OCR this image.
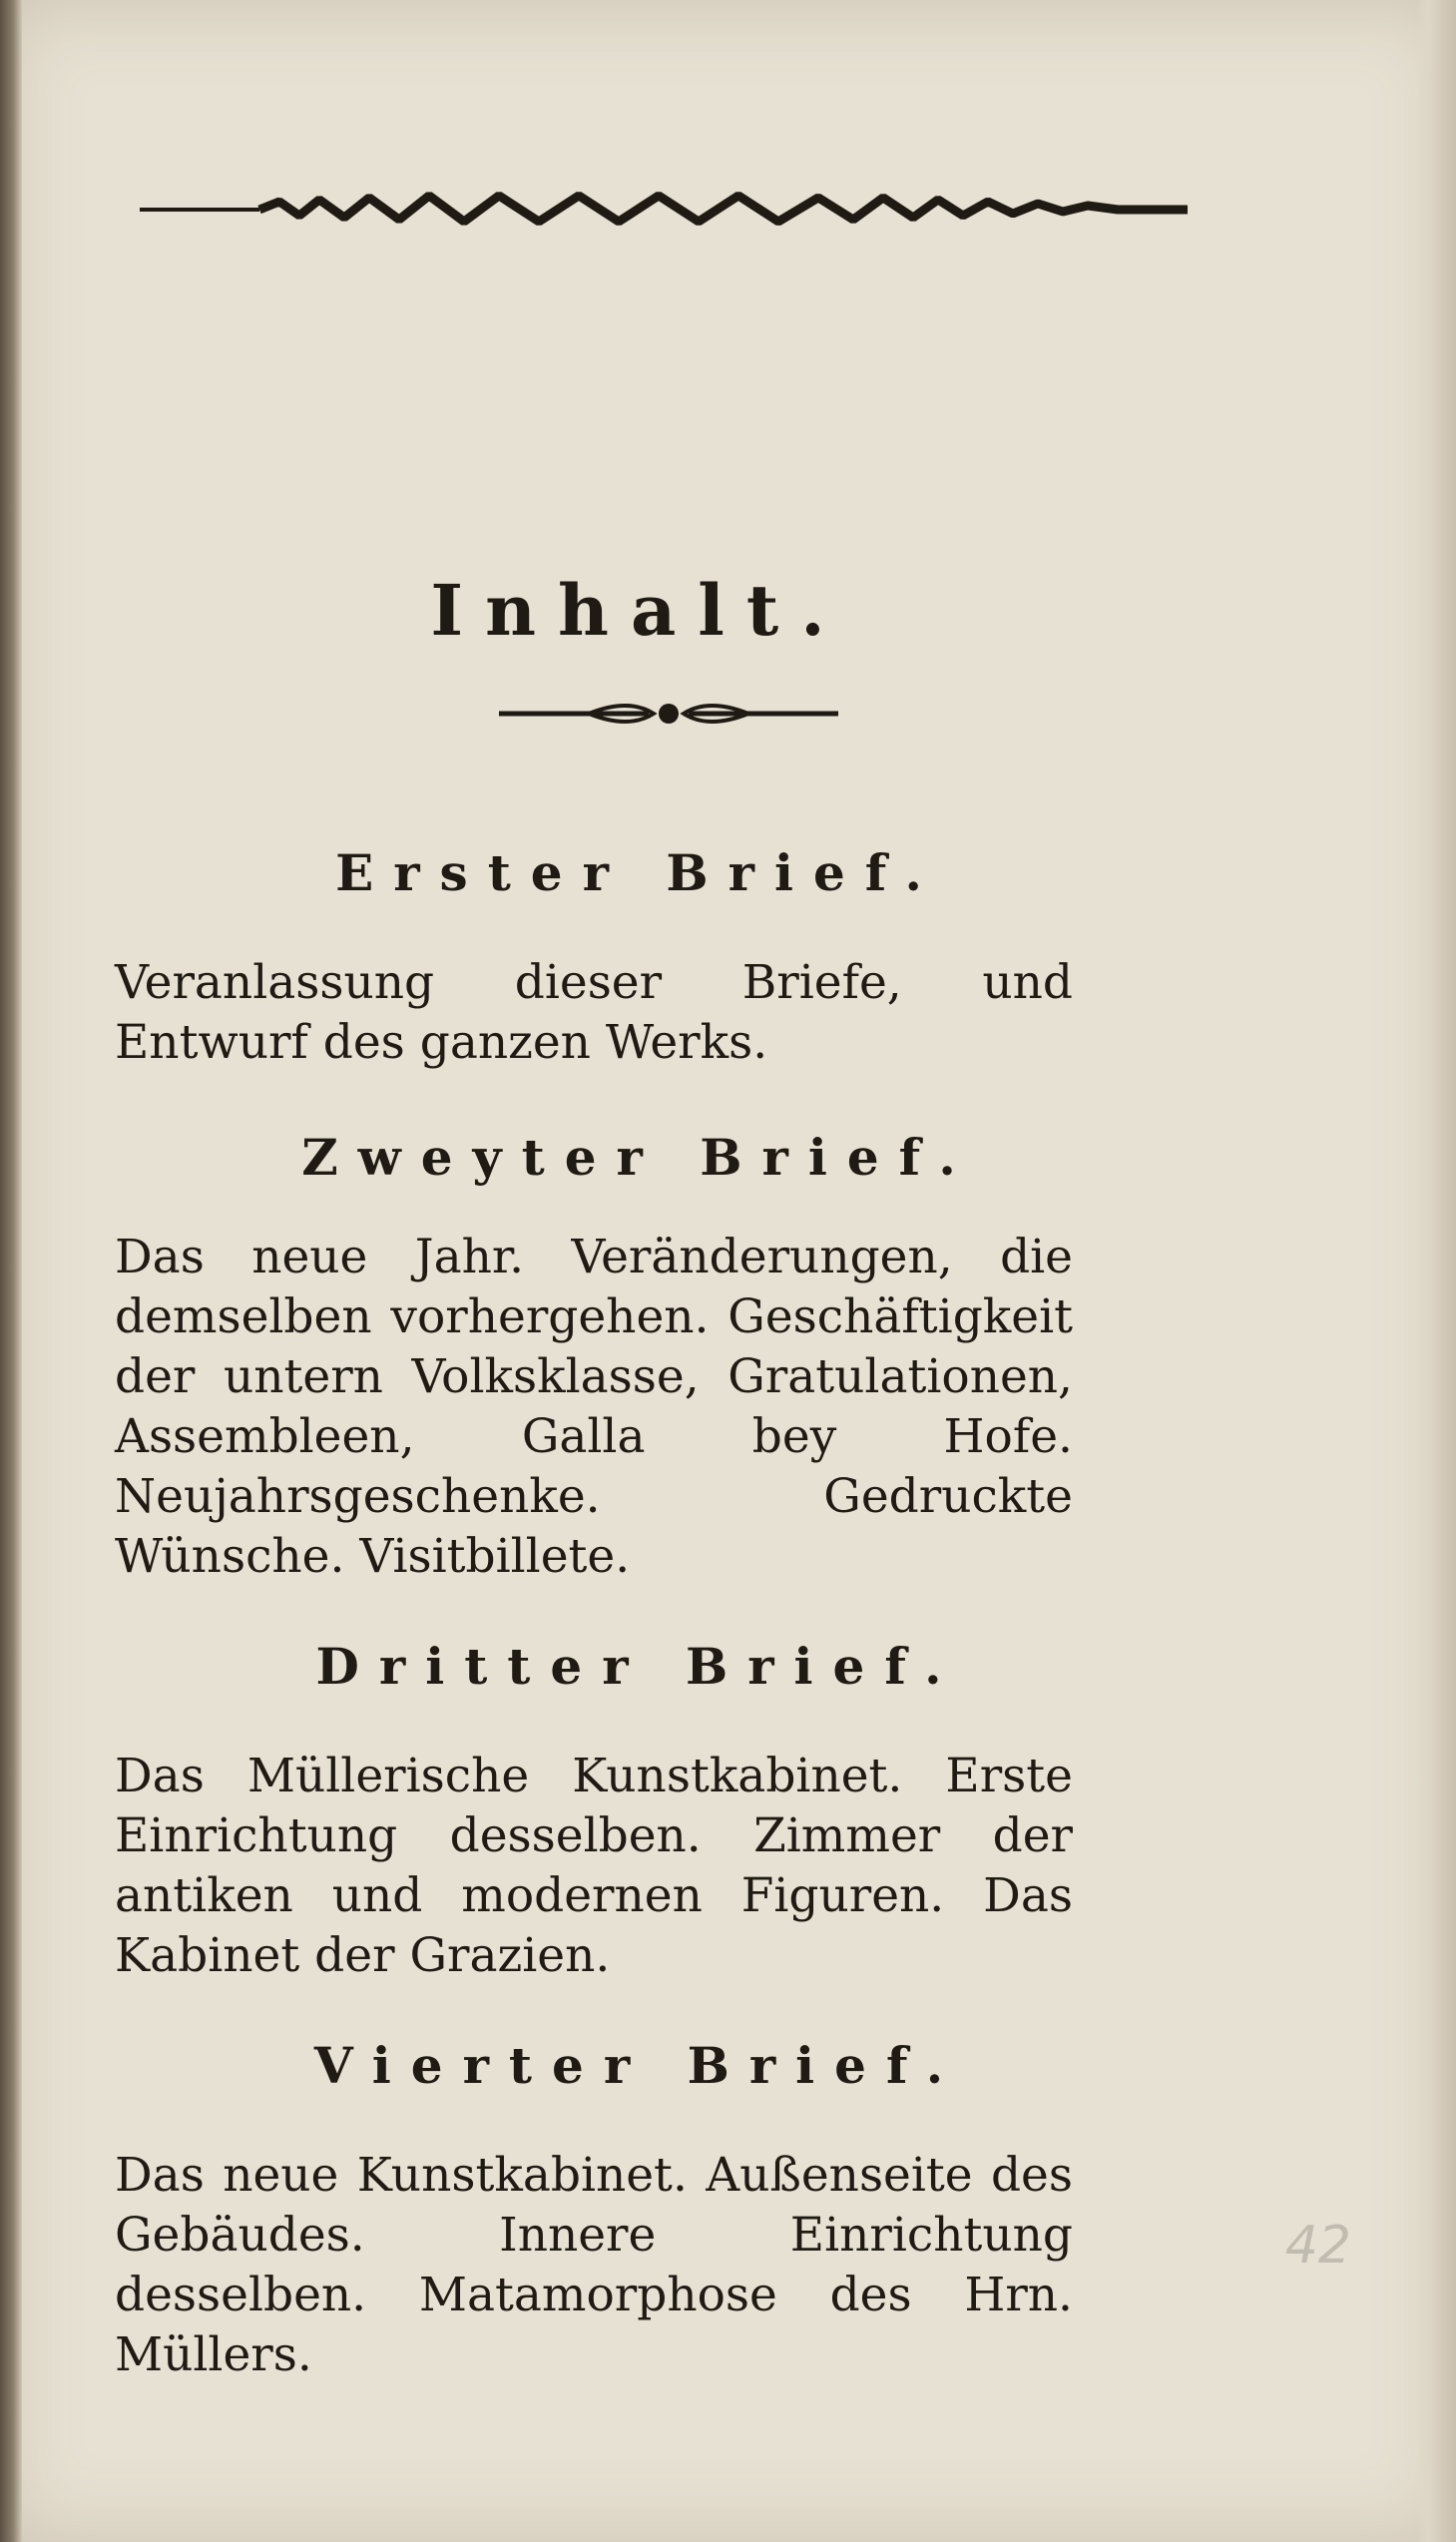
Inhalt.
Erster Brief.
Veranlassung dieser Briefe, und Entwurf des ganzen Werks.
Zweyter Brief.
Das neue Jahr. Veränderungen, die demselben vorhergehen. Geschäftigkeit der untern Volksklasse, Gratulationen, Assembleen, Galla bey Hofe. Neujahrsgeschenke. Gedruckte Wünsche. Visitbillete.
Dritter Brief.
Das Müllerische Kunstkabinet. Erste Einrichtung desselben. Zimmer der antiken und modernen Figuren. Das Kabinet der Grazien.
Vierter Brief.
Das neue Kunstkabinet. Außenseite des Gebäudes. Innere Einrichtung desselben. Matamorphose des Hrn. Müllers.
42
